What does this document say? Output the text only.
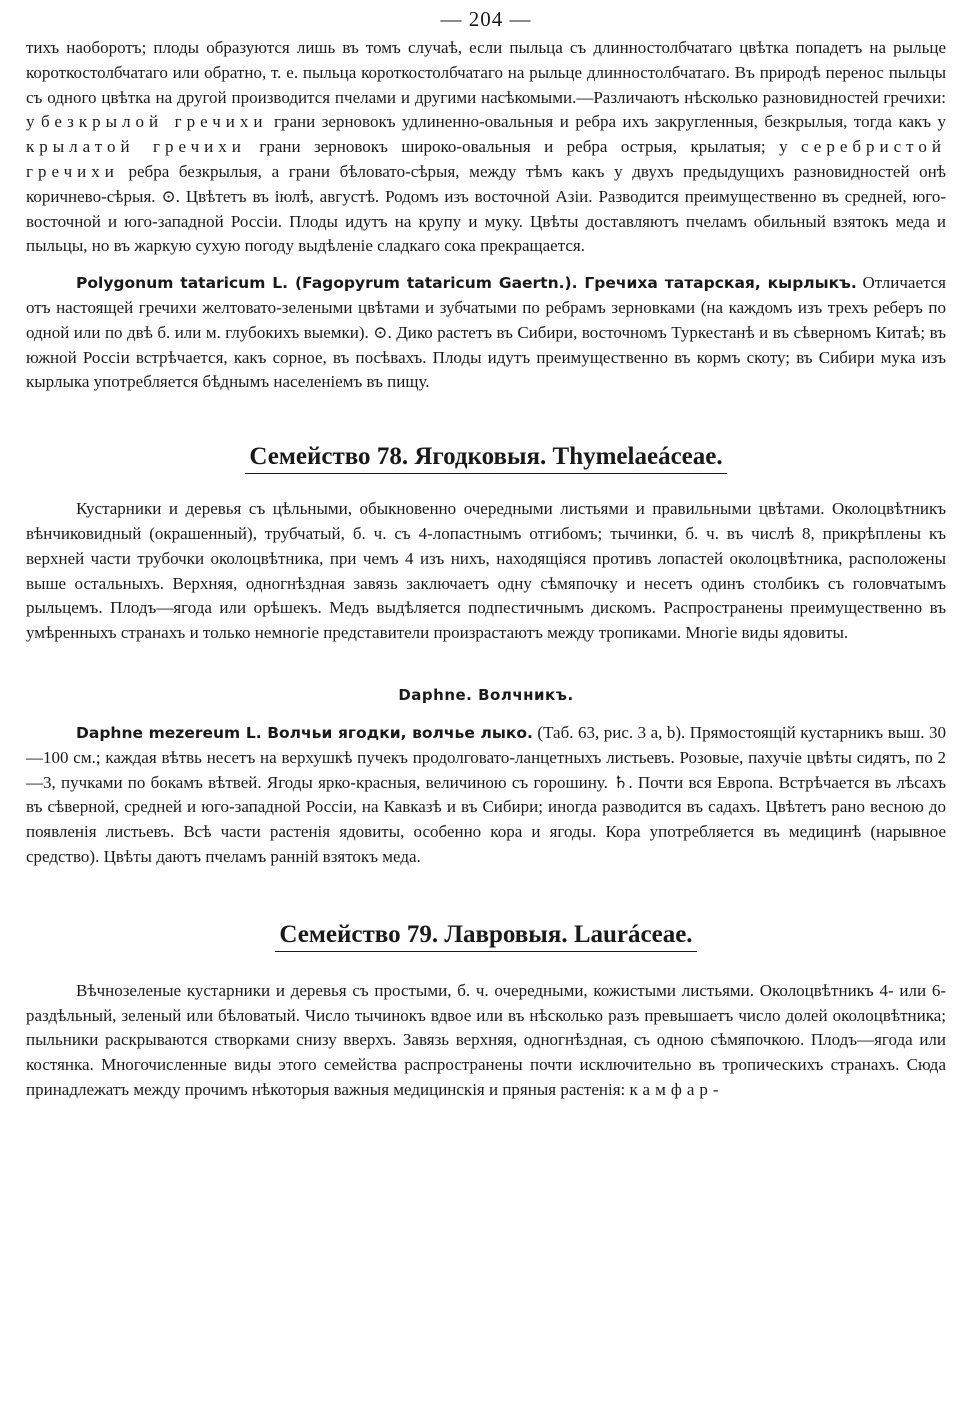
— 204 —

тихъ наоборотъ; плоды образуются лишь въ томъ случаѣ, если пыльца съ длинностолбчатаго цвѣтка попадетъ на рыльце короткостолбчатаго или обратно, т. е. пыльца короткостолбчатаго на рыльце длинностолбчатаго. Въ природѣ перенос пыльцы съ одного цвѣтка на другой производится пчелами и другими насѣкомыми.—Различаютъ нѣсколько разновидностей гречихи: у безкрылой гречихи грани зерновокъ удлиненно-овальныя и ребра ихъ закругленныя, безкрылыя, тогда какъ у крылатой гречихи грани зерновокъ широко-овальныя и ребра острыя, крылатыя; у серебристой гречихи ребра безкрылыя, а грани бѣловато-сѣрыя, между тѣмъ какъ у двухъ предыдущихъ разновидностей онѣ коричнево-сѣрыя. ⊙. Цвѣтетъ въ іюлѣ, августѣ. Родомъ изъ восточной Азіи. Разводится преимущественно въ средней, юго-восточной и юго-западной Россіи. Плоды идутъ на крупу и муку. Цвѣты доставляютъ пчеламъ обильный взятокъ меда и пыльцы, но въ жаркую сухую погоду выдѣленіе сладкаго сока прекращается.

Polygonum tataricum L. (Fagopyrum tataricum Gaertn.). Гречиха татарская, кырлыкъ. Отличается отъ настоящей гречихи желтовато-зелеными цвѣтами и зубчатыми по ребрамъ зерновками (на каждомъ изъ трехъ реберъ по одной или по двѣ б. или м. глубокихъ выемки). ⊙. Дико растетъ въ Сибири, восточномъ Туркестанѣ и въ сѣверномъ Китаѣ; въ южной Россіи встрѣчается, какъ сорное, въ посѣвахъ. Плоды идутъ преимущественно въ кормъ скоту; въ Сибири мука изъ кырлыка употребляется бѣднымъ населеніемъ въ пищу.

Семейство 78. Ягодковыя. Thymelaeáceae.

Кустарники и деревья съ цѣльными, обыкновенно очередными листьями и правильными цвѣтами. Околоцвѣтникъ вѣнчиковидный (окрашенный), трубчатый, б. ч. съ 4-лопастнымъ отгибомъ; тычинки, б. ч. въ числѣ 8, прикрѣплены къ верхней части трубочки околоцвѣтника, при чемъ 4 изъ нихъ, находящіяся противъ лопастей околоцвѣтника, расположены выше остальныхъ. Верхняя, одногнѣздная завязь заключаетъ одну сѣмяпочку и несетъ одинъ столбикъ съ головчатымъ рыльцемъ. Плодъ—ягода или орѣшекъ. Медъ выдѣляется подпестичнымъ дискомъ. Распространены преимущественно въ умѣренныхъ странахъ и только немногіе представители произрастаютъ между тропиками. Многіе виды ядовиты.

Daphne. Волчникъ.

Daphne mezereum L. Волчьи ягодки, волчье лыко. (Таб. 63, рис. 3 a, b). Прямостоящій кустарникъ выш. 30—100 см.; каждая вѣтвь несетъ на верхушкѣ пучекъ продолговато-ланцетныхъ листьевъ. Розовые, пахучіе цвѣты сидятъ, по 2—3, пучками по бокамъ вѣтвей. Ягоды ярко-красныя, величиною съ горошину. ♄. Почти вся Европа. Встрѣчается въ лѣсахъ въ сѣверной, средней и юго-западной Россіи, на Кавказѣ и въ Сибири; иногда разводится въ садахъ. Цвѣтетъ рано весною до появленія листьевъ. Всѣ части растенія ядовиты, особенно кора и ягоды. Кора употребляется въ медицинѣ (нарывное средство). Цвѣты даютъ пчеламъ ранній взятокъ меда.

Семейство 79. Лавровыя. Lauráceae.

Вѣчнозеленые кустарники и деревья съ простыми, б. ч. очередными, кожистыми листьями. Околоцвѣтникъ 4- или 6-раздѣльный, зеленый или бѣловатый. Число тычинокъ вдвое или въ нѣсколько разъ превышаетъ число долей околоцвѣтника; пыльники раскрываются створками снизу вверхъ. Завязь верхняя, одногнѣздная, съ одною сѣмяпочкою. Плодъ—ягода или костянка. Многочисленные виды этого семейства распространены почти исключительно въ тропическихъ странахъ. Сюда принадлежатъ между прочимъ нѣкоторыя важныя медицинскія и пряныя растенія: камфар-
